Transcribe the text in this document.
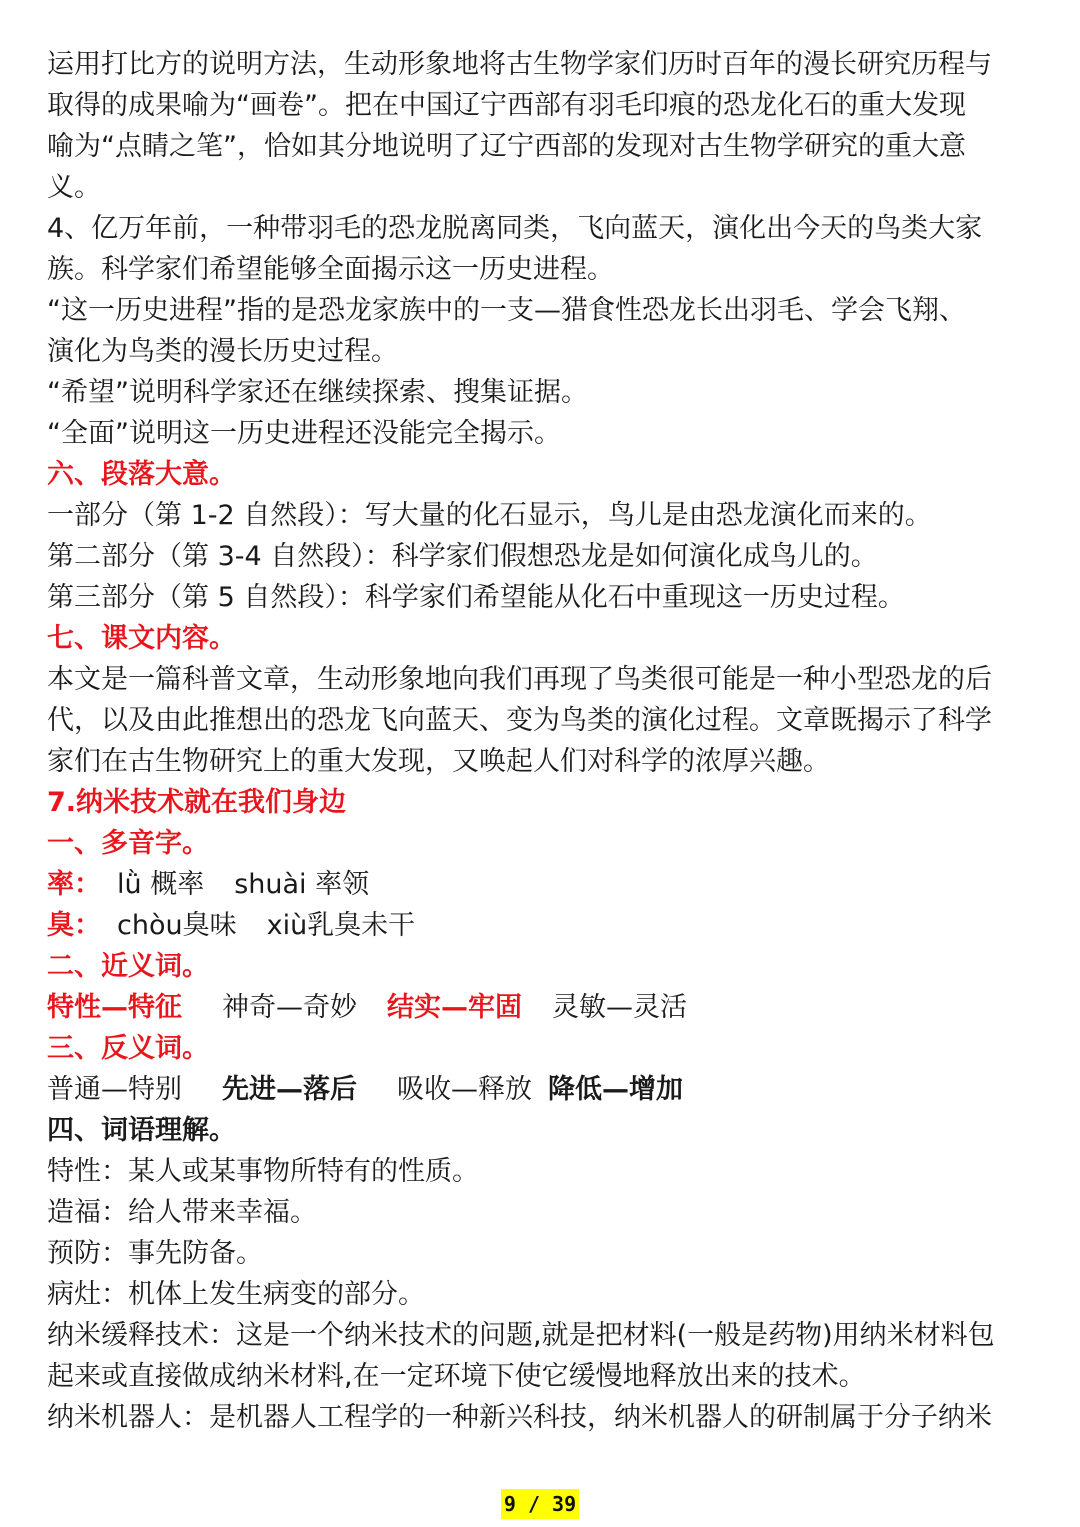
运用打比方的说明方法，生动形象地将古生物学家们历时百年的漫长研究历程与
取得的成果喻为“画卷”。把在中国辽宁西部有羽毛印痕的恐龙化石的重大发现
喻为“点睛之笔”，恰如其分地说明了辽宁西部的发现对古生物学研究的重大意
义。
4、亿万年前，一种带羽毛的恐龙脱离同类，飞向蓝天，演化出今天的鸟类大家
族。科学家们希望能够全面揭示这一历史进程。
“这一历史进程”指的是恐龙家族中的一支—猎食性恐龙长出羽毛、学会飞翔、
演化为鸟类的漫长历史过程。
“希望”说明科学家还在继续探索、搜集证据。
“全面”说明这一历史进程还没能完全揭示。
六、段落大意。
一部分（第 1-2 自然段）：写大量的化石显示，鸟儿是由恐龙演化而来的。
第二部分（第 3-4 自然段）：科学家们假想恐龙是如何演化成鸟儿的。
第三部分（第 5 自然段）：科学家们希望能从化石中重现这一历史过程。
七、课文内容。
本文是一篇科普文章，生动形象地向我们再现了鸟类很可能是一种小型恐龙的后
代，以及由此推想出的恐龙飞向蓝天、变为鸟类的演化过程。文章既揭示了科学
家们在古生物研究上的重大发现，又唤起人们对科学的浓厚兴趣。
7.纳米技术就在我们身边
一、多音字。
率： lǜ 概率 shuài 率领
臭： chòu臭味 xiù乳臭未干
二、近义词。
特性—特征 神奇—奇妙 结实—牢固 灵敏—灵活
三、反义词。
普通—特别 先进—落后 吸收—释放 降低—增加
四、词语理解。
特性：某人或某事物所特有的性质。
造福：给人带来幸福。
预防：事先防备。
病灶：机体上发生病变的部分。
纳米缓释技术：这是一个纳米技术的问题,就是把材料(一般是药物)用纳米材料包
起来或直接做成纳米材料,在一定环境下使它缓慢地释放出来的技术。
纳米机器人：是机器人工程学的一种新兴科技，纳米机器人的研制属于分子纳米
9 / 39
